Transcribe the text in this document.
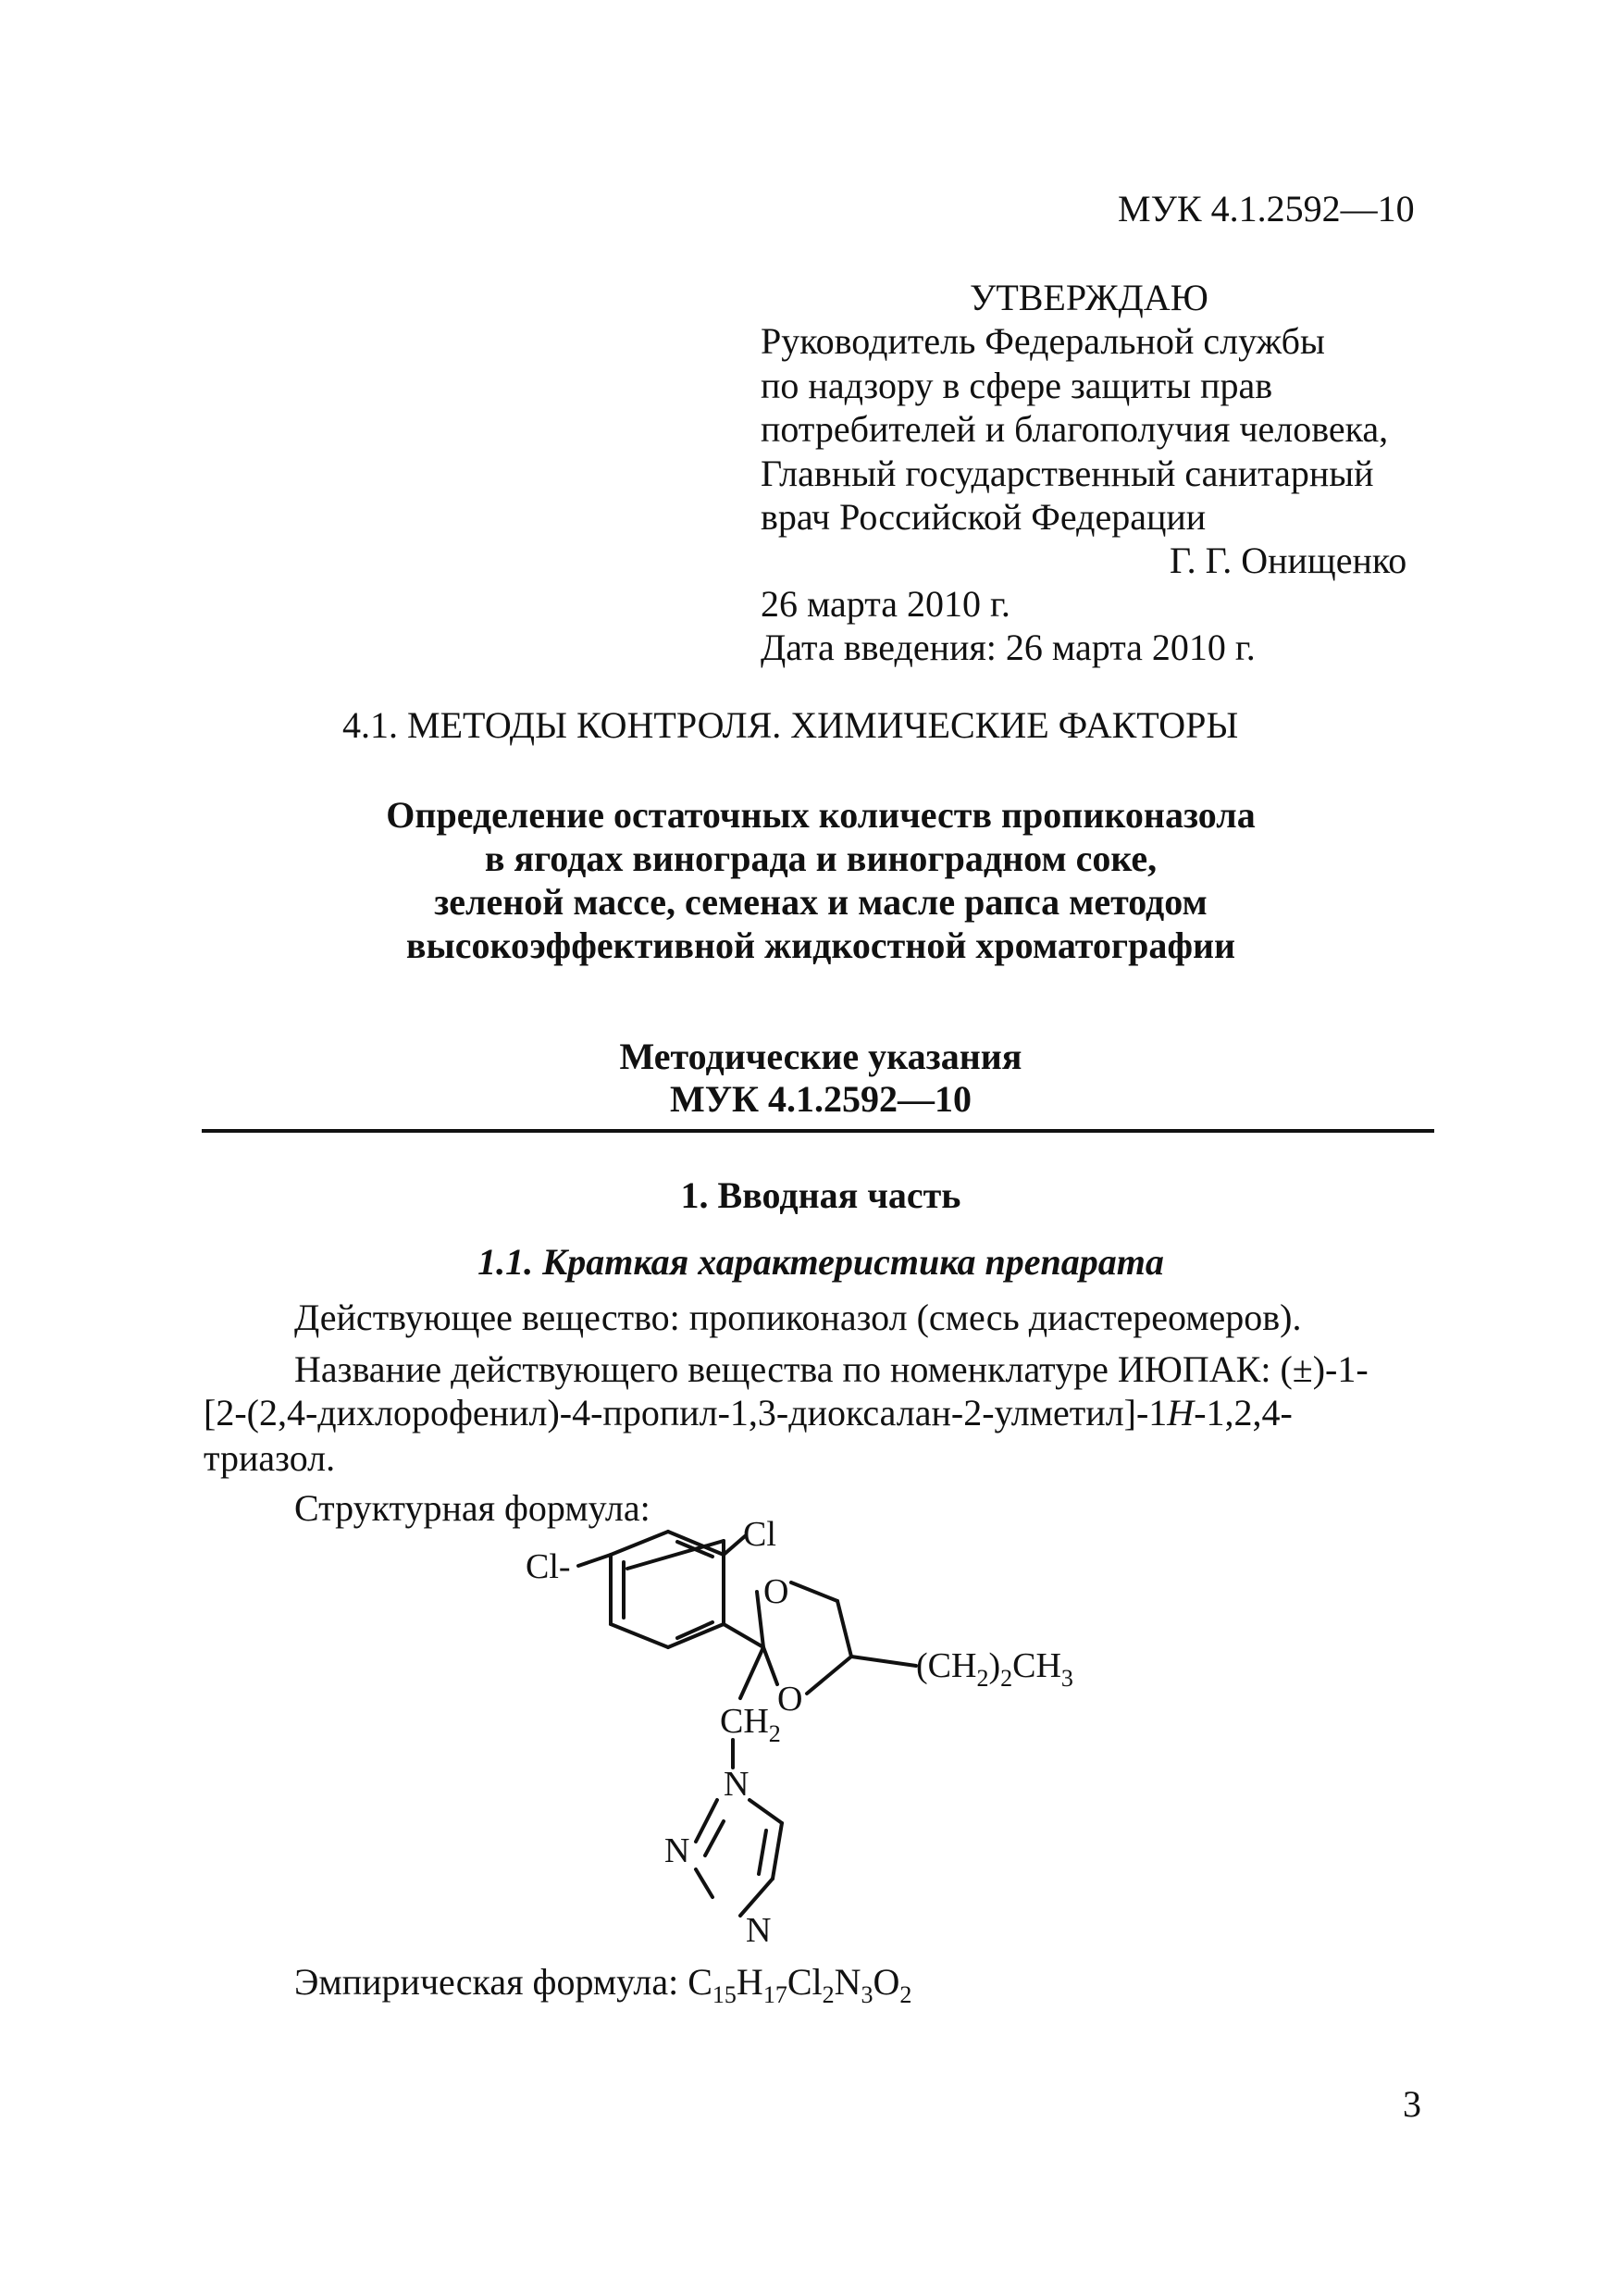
МУК 4.1.2592—10
УТВЕРЖДАЮ
Руководитель Федеральной службы
по надзору в сфере защиты прав
потребителей и благополучия человека,
Главный государственный санитарный
врач Российской Федерации
Г. Г. Онищенко
26 марта 2010 г.
Дата введения: 26 марта 2010 г.
4.1. МЕТОДЫ КОНТРОЛЯ. ХИМИЧЕСКИЕ ФАКТОРЫ
Определение остаточных количеств пропиконазола
в ягодах винограда и виноградном соке,
зеленой массе, семенах и масле рапса методом
высокоэффективной жидкостной хроматографии
Методические указания
МУК 4.1.2592—10
1. Вводная часть
1.1. Краткая характеристика препарата
Действующее вещество: пропиконазол (смесь диастереомеров).
Название действующего вещества по номенклатуре ИЮПАК: (±)-1-
[2-(2,4-дихлорофенил)-4-пропил-1,3-диоксалан-2-улметил]-1H-1,2,4-
триазол.
Структурная формула:
Cl
Cl-
O
O
$(CH_2)_2CH_3$
$CH_2$
N
N
N
Эмпирическая формула: $C_{15}H_{17}Cl_2N_3O_2$
3
